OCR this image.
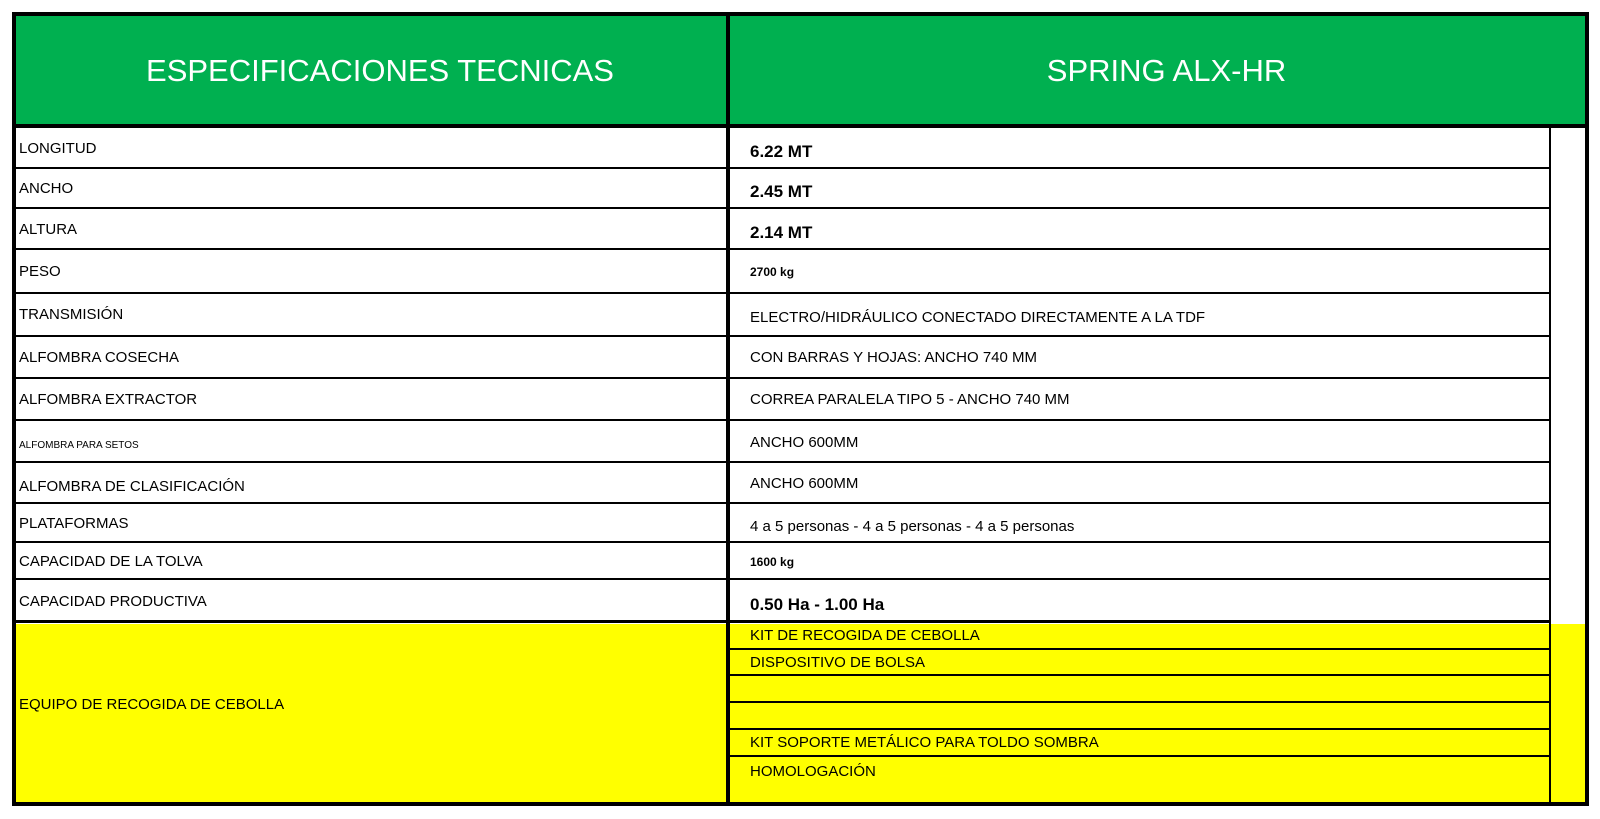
ESPECIFICACIONES TECNICAS	SPRING ALX-HR
LONGITUD
ANCHO
ALTURA
PESO
TRANSMISIÓN
ALFOMBRA COSECHA
ALFOMBRA EXTRACTOR
ALFOMBRA PARA SETOS
ALFOMBRA DE CLASIFICACIÓN
PLATAFORMAS
CAPACIDAD DE LA TOLVA
CAPACIDAD PRODUCTIVA
EQUIPO DE RECOGIDA DE CEBOLLA
6.22 MT
2.45 MT
2.14 MT
2700 kg
ELECTRO/HIDRÁULICO CONECTADO DIRECTAMENTE A LA TDF
CON BARRAS Y HOJAS: ANCHO 740 MM
CORREA PARALELA TIPO 5 - ANCHO 740 MM
ANCHO 600MM
ANCHO 600MM
4 a 5 personas - 4 a 5 personas - 4 a 5 personas
1600 kg
0.50 Ha - 1.00 Ha
KIT DE RECOGIDA DE CEBOLLA
DISPOSITIVO DE BOLSA
KIT SOPORTE METÁLICO PARA TOLDO SOMBRA
HOMOLOGACIÓN
